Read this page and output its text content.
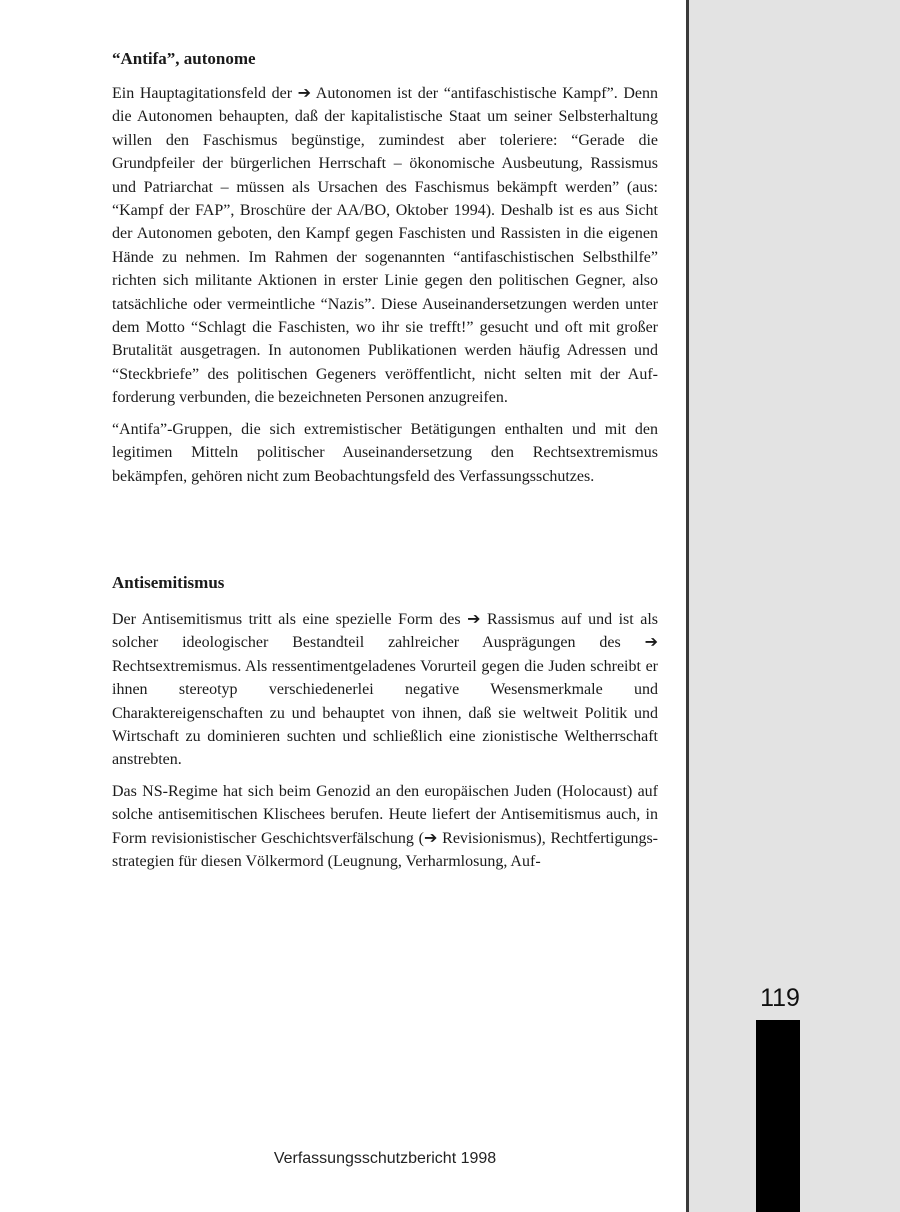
“Antifa”, autonome

Ein Hauptagitationsfeld der ➔ Autonomen ist der “antifaschistische Kampf”. Denn die Autonomen behaupten, daß der kapitalistische Staat um seiner Selbsterhaltung willen den Faschismus begünstige, zumindest aber toleriere: “Gerade die Grundpfeiler der bürgerlichen Herrschaft – ökonomische Ausbeutung, Rassismus und Patriarchat – müssen als Ursachen des Faschismus bekämpft werden” (aus: “Kampf der FAP”, Broschüre der AA/BO, Oktober 1994). Deshalb ist es aus Sicht der Autonomen geboten, den Kampf gegen Faschisten und Rassisten in die eigenen Hände zu nehmen. Im Rahmen der sogenannten “antifaschistischen Selbsthilfe” richten sich militante Aktionen in erster Linie gegen den politischen Gegner, also tatsächliche oder vermeintliche “Nazis”. Diese Auseinandersetzungen werden unter dem Motto “Schlagt die Faschisten, wo ihr sie trefft!” gesucht und oft mit großer Brutalität ausgetragen. In autonomen Publikationen werden häufig Adressen und “Steckbriefe” des politischen Gegeners veröffentlicht, nicht selten mit der Aufforderung verbunden, die bezeichneten Personen anzugreifen.

“Antifa”-Gruppen, die sich extremistischer Betätigungen enthalten und mit den legitimen Mitteln politischer Auseinandersetzung den Rechtsextremismus bekämpfen, gehören nicht zum Beobachtungsfeld des Verfassungsschutzes.

Antisemitismus

Der Antisemitismus tritt als eine spezielle Form des ➔ Rassismus auf und ist als solcher ideologischer Bestandteil zahlreicher Ausprägungen des ➔ Rechtsextremismus. Als ressentimentgeladenes Vorurteil gegen die Juden schreibt er ihnen stereotyp verschiedenerlei negative Wesensmerkmale und Charaktereigenschaften zu und behauptet von ihnen, daß sie weltweit Politik und Wirtschaft zu dominieren suchten und schließlich eine zionistische Weltherrschaft anstrebten.

Das NS-Regime hat sich beim Genozid an den europäischen Juden (Holocaust) auf solche antisemitischen Klischees berufen. Heute liefert der Antisemitismus auch, in Form revisionistischer Geschichtsverfälschung (➔ Revisionismus), Rechtfertigungsstrategien für diesen Völkermord (Leugnung, Verharmlosung, Auf-

Verfassungsschutzbericht 1998
119
